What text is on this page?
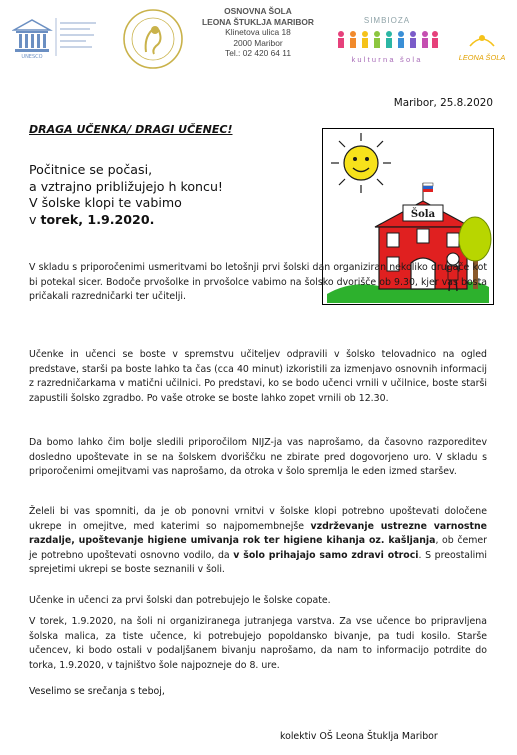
UNESCO
OSNOVNA ŠOLA
LEONA ŠTUKLJA MARIBOR
Klinetova ulica 18
2000 Maribor
Tel.: 02 420 64 11
SIMBIOZA
kulturna šola	LEONA ŠOLA
Maribor, 25.8.2020
DRAGA UČENKA/ DRAGI UČENEC!
Počitnice se počasi,
a vztrajno približujejo h koncu!
V šolske klopi te vabimo
v torek, 1.9.2020.	Šola
V skladu s priporočenimi usmeritvami bo letošnji prvi šolski dan organiziran nekoliko drugače kot bi potekal sicer. Bodoče prvošolke in prvošolce vabimo na šolsko dvorišče ob 9.30, kjer vas bosta pričakali razredničarki ter učitelji.
Učenke in učenci se boste v spremstvu učiteljev odpravili v šolsko telovadnico na ogled predstave, starši pa boste lahko ta čas (cca 40 minut) izkoristili za izmenjavo osnovnih informacij z razredničarkama v matični učilnici. Po predstavi, ko se bodo učenci vrnili v učilnice, boste starši zapustili šolsko zgradbo. Po vaše otroke se boste lahko zopet vrnili ob 12.30.
Da bomo lahko čim bolje sledili priporočilom NIJZ-ja vas naprošamo, da časovno razporeditev dosledno upoštevate in se na šolskem dvoriščku ne zbirate pred dogovorjeno uro. V skladu s priporočenimi omejitvami vas naprošamo, da otroka v šolo spremlja le eden izmed staršev.
Želeli bi vas spomniti, da je ob ponovni vrnitvi v šolske klopi potrebno upoštevati določene ukrepe in omejitve, med katerimi so najpomembnejše vzdrževanje ustrezne varnostne razdalje, upoštevanje higiene umivanja rok ter higiene kihanja oz. kašljanja, ob čemer je potrebno upoštevati osnovno vodilo, da v šolo prihajajo samo zdravi otroci. S preostalimi sprejetimi ukrepi se boste seznanili v šoli.
Učenke in učenci za prvi šolski dan potrebujejo le šolske copate.
V torek, 1.9.2020, na šoli ni organiziranega jutranjega varstva. Za vse učence bo pripravljena šolska malica, za tiste učence, ki potrebujejo popoldansko bivanje, pa tudi kosilo. Starše učencev, ki bodo ostali v podaljšanem bivanju naprošamo, da nam to informacijo potrdite do torka, 1.9.2020, v tajništvo šole najpozneje do 8. ure.
Veselimo se srečanja s teboj,
kolektiv OŠ Leona Štuklja Maribor
